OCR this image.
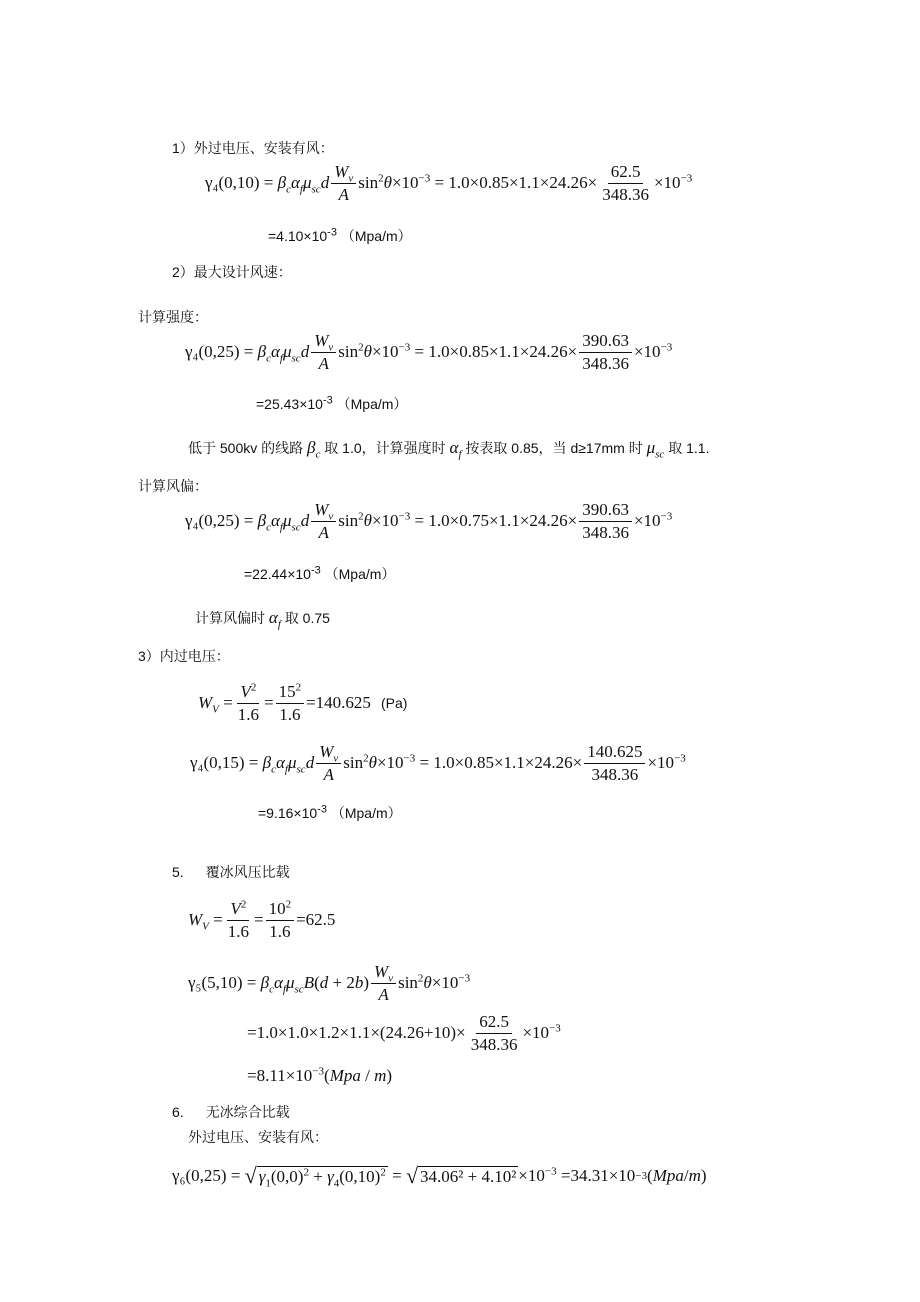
1）外过电压、安装有风：
$\gamma_4(0,10) = \beta_c\alpha_f\mu_{sc}d \frac{W_v}{A} \sin^2\theta\times 10^{-3} = 1.0\times 0.85\times 1.1\times 24.26\times \frac{62.5}{348.36} \times 10^{-3}$
$=4.10\times 10^{-3}$ （Mpa/m）
2）最大设计风速：
计算强度：
$\gamma_4(0,25) = \beta_c\alpha_f\mu_{sc}d \frac{W_v}{A} \sin^2\theta\times 10^{-3} = 1.0\times 0.85\times 1.1\times 24.26\times \frac{390.63}{348.36} \times 10^{-3}$
$=25.43\times 10^{-3}$ （Mpa/m）
低于 500kv 的线路 $\beta_c$ 取 1.0，计算强度时 $\alpha_f$ 按表取 0.85，当 d≥17mm 时 $\mu_{sc}$ 取 1.1.
计算风偏：
$\gamma_4(0,25) = \beta_c\alpha_f\mu_{sc}d \frac{W_v}{A} \sin^2\theta\times 10^{-3} = 1.0\times 0.75\times 1.1\times 24.26\times \frac{390.63}{348.36} \times 10^{-3}$
$=22.44\times 10^{-3}$ （Mpa/m）
计算风偏时 $\alpha_f$ 取 0.75
3）内过电压：
$W_V = \frac{V^2}{1.6} = \frac{15^2}{1.6} =140.625$ (Pa)
$\gamma_4(0,15) = \beta_c\alpha_f\mu_{sc}d \frac{W_v}{A} \sin^2\theta\times 10^{-3} = 1.0\times 0.85\times 1.1\times 24.26\times \frac{140.625}{348.36} \times 10^{-3}$
$=9.16\times 10^{-3}$ （Mpa/m）
5. 覆冰风压比载
$W_V = \frac{V^2}{1.6} = \frac{10^2}{1.6} =62.5$
$\gamma_5(5,10) = \beta_c\alpha_f\mu_{sc}B(d + 2b) \frac{W_v}{A} \sin^2\theta\times 10^{-3}$
$=1.0\times 1.0\times 1.2\times 1.1\times(24.26+10)\times \frac{62.5}{348.36} \times 10^{-3}$
$=8.11\times 10^{-3}(Mpa / m)$
6. 无冰综合比载
外过电压、安装有风：
γ₆(0,25) = √ $\gamma_1(0,0)^2 + \gamma_4(0,10)^2$ = √ $34.06^2 + 4.10^2 \times 10^{-3} =34.31\times 10 -3$ ( Mpa / m )
